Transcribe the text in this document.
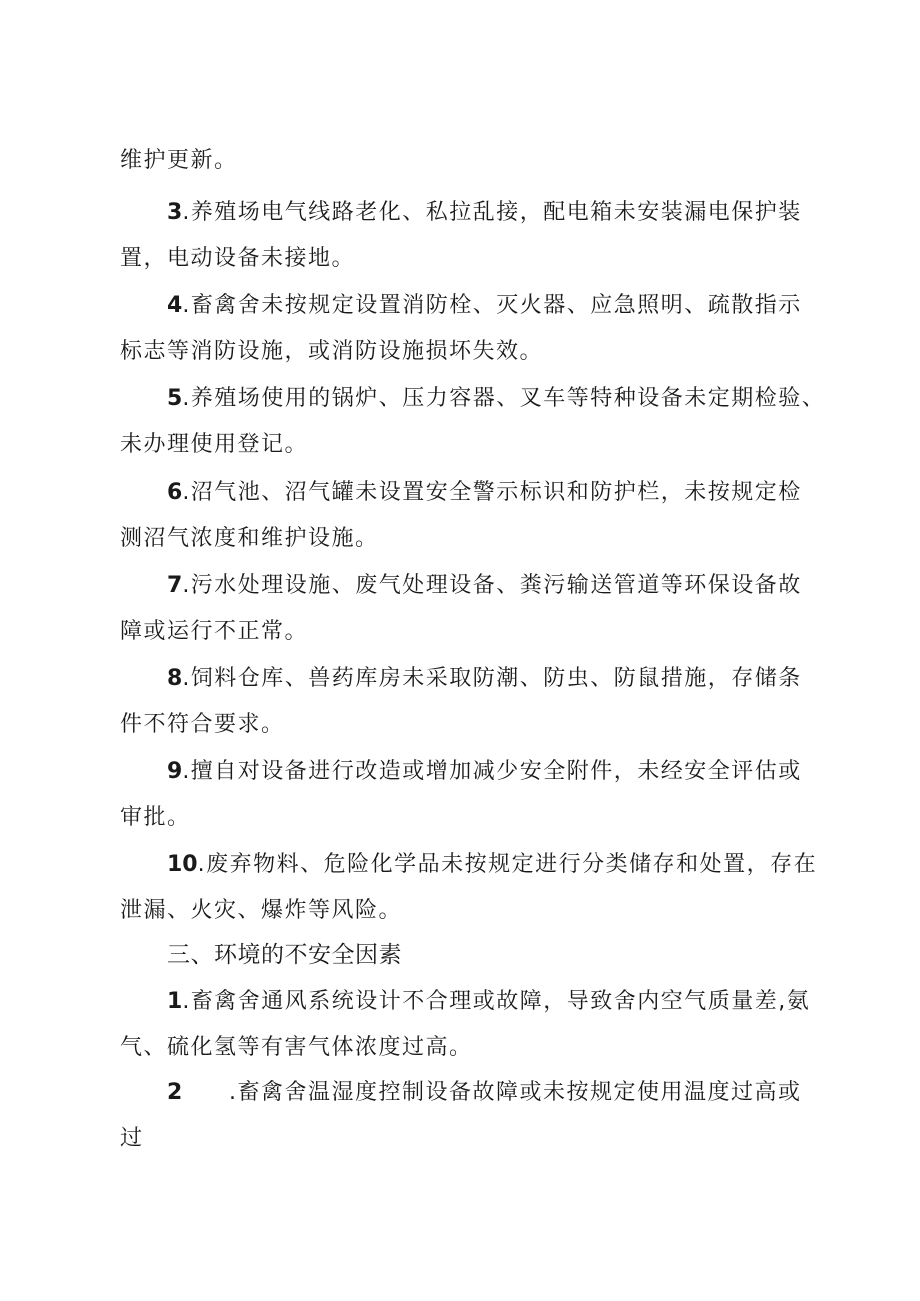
维护更新。
3.养殖场电气线路老化、私拉乱接，配电箱未安装漏电保护装
置，电动设备未接地。
4.畜禽舍未按规定设置消防栓、灭火器、应急照明、疏散指示
标志等消防设施，或消防设施损坏失效。
5.养殖场使用的锅炉、压力容器、叉车等特种设备未定期检验、
未办理使用登记。
6.沼气池、沼气罐未设置安全警示标识和防护栏，未按规定检
测沼气浓度和维护设施。
7.污水处理设施、废气处理设备、粪污输送管道等环保设备故
障或运行不正常。
8.饲料仓库、兽药库房未采取防潮、防虫、防鼠措施，存储条
件不符合要求。
9.擅自对设备进行改造或增加减少安全附件，未经安全评估或
审批。
10.废弃物料、危险化学品未按规定进行分类储存和处置，存在
泄漏、火灾、爆炸等风险。
三、环境的不安全因素
1.畜禽舍通风系统设计不合理或故障，导致舍内空气质量差,氨
气、硫化氢等有害气体浓度过高。
2 .畜禽舍温湿度控制设备故障或未按规定使用温度过高或
过
